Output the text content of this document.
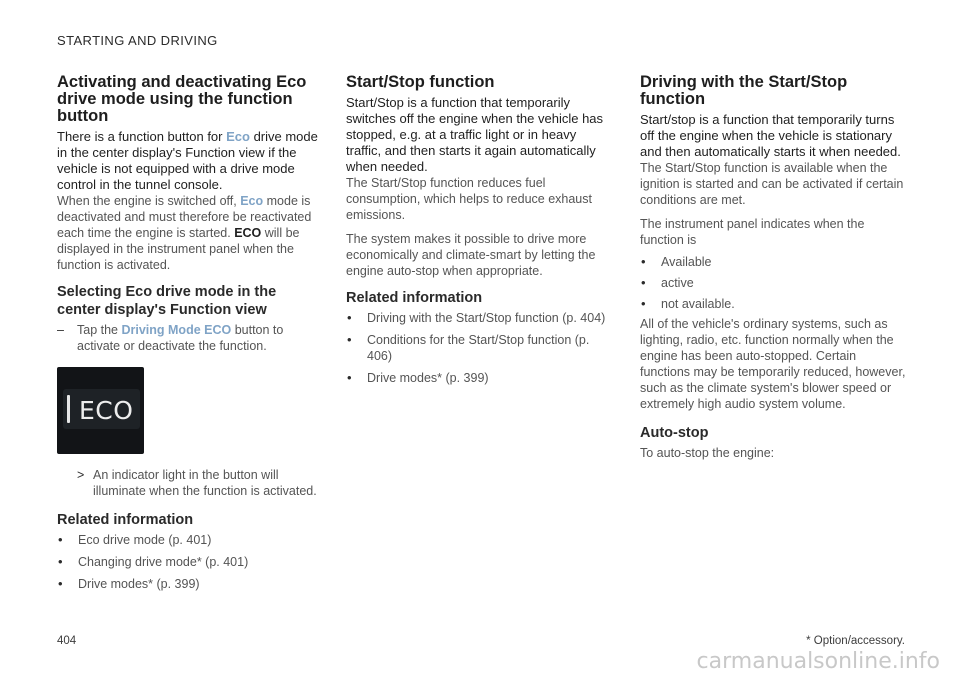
STARTING AND DRIVING
Activating and deactivating Eco drive mode using the function button

There is a function button for Eco drive mode in the center display's Function view if the vehicle is not equipped with a drive mode control in the tunnel console.

When the engine is switched off, Eco mode is deactivated and must therefore be reactivated each time the engine is started. ECO will be displayed in the instrument panel when the function is activated.

Selecting Eco drive mode in the center display's Function view
– Tap the Driving Mode ECO button to activate or deactivate the function.
ECO
> An indicator light in the button will illuminate when the function is activated.
Related information
• Eco drive mode (p. 401)
• Changing drive mode* (p. 401)
• Drive modes* (p. 399)
Start/Stop function

Start/Stop is a function that temporarily switches off the engine when the vehicle has stopped, e.g. at a traffic light or in heavy traffic, and then starts it again automatically when needed.

The Start/Stop function reduces fuel consumption, which helps to reduce exhaust emissions.

The system makes it possible to drive more economically and climate-smart by letting the engine auto-stop when appropriate.

Related information
• Driving with the Start/Stop function (p. 404)
• Conditions for the Start/Stop function (p. 406)
• Drive modes* (p. 399)
Driving with the Start/Stop function

Start/stop is a function that temporarily turns off the engine when the vehicle is stationary and then automatically starts it when needed.

The Start/Stop function is available when the ignition is started and can be activated if certain conditions are met.

The instrument panel indicates when the function is

• Available
• active
• not available.

All of the vehicle's ordinary systems, such as lighting, radio, etc. function normally when the engine has been auto-stopped. Certain functions may be temporarily reduced, however, such as the climate system's blower speed or extremely high audio system volume.

Auto-stop

To auto-stop the engine:

* Option/accessory.
404
carmanualsonline.info
